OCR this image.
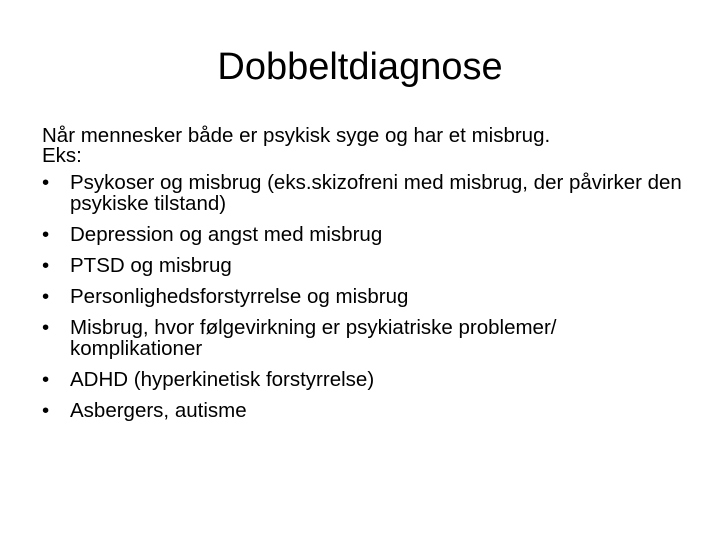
Dobbeltdiagnose
Når mennesker både er psykisk syge og har et misbrug.
Eks:
•	Psykoser og misbrug (eks.skizofreni med misbrug, der påvirker den psykiske tilstand)
•	Depression og angst med misbrug
•	PTSD og misbrug
•	Personlighedsforstyrrelse og misbrug
•	Misbrug, hvor følgevirkning er psykiatriske problemer/ komplikationer
•	ADHD (hyperkinetisk forstyrrelse)
•	Asbergers, autisme
